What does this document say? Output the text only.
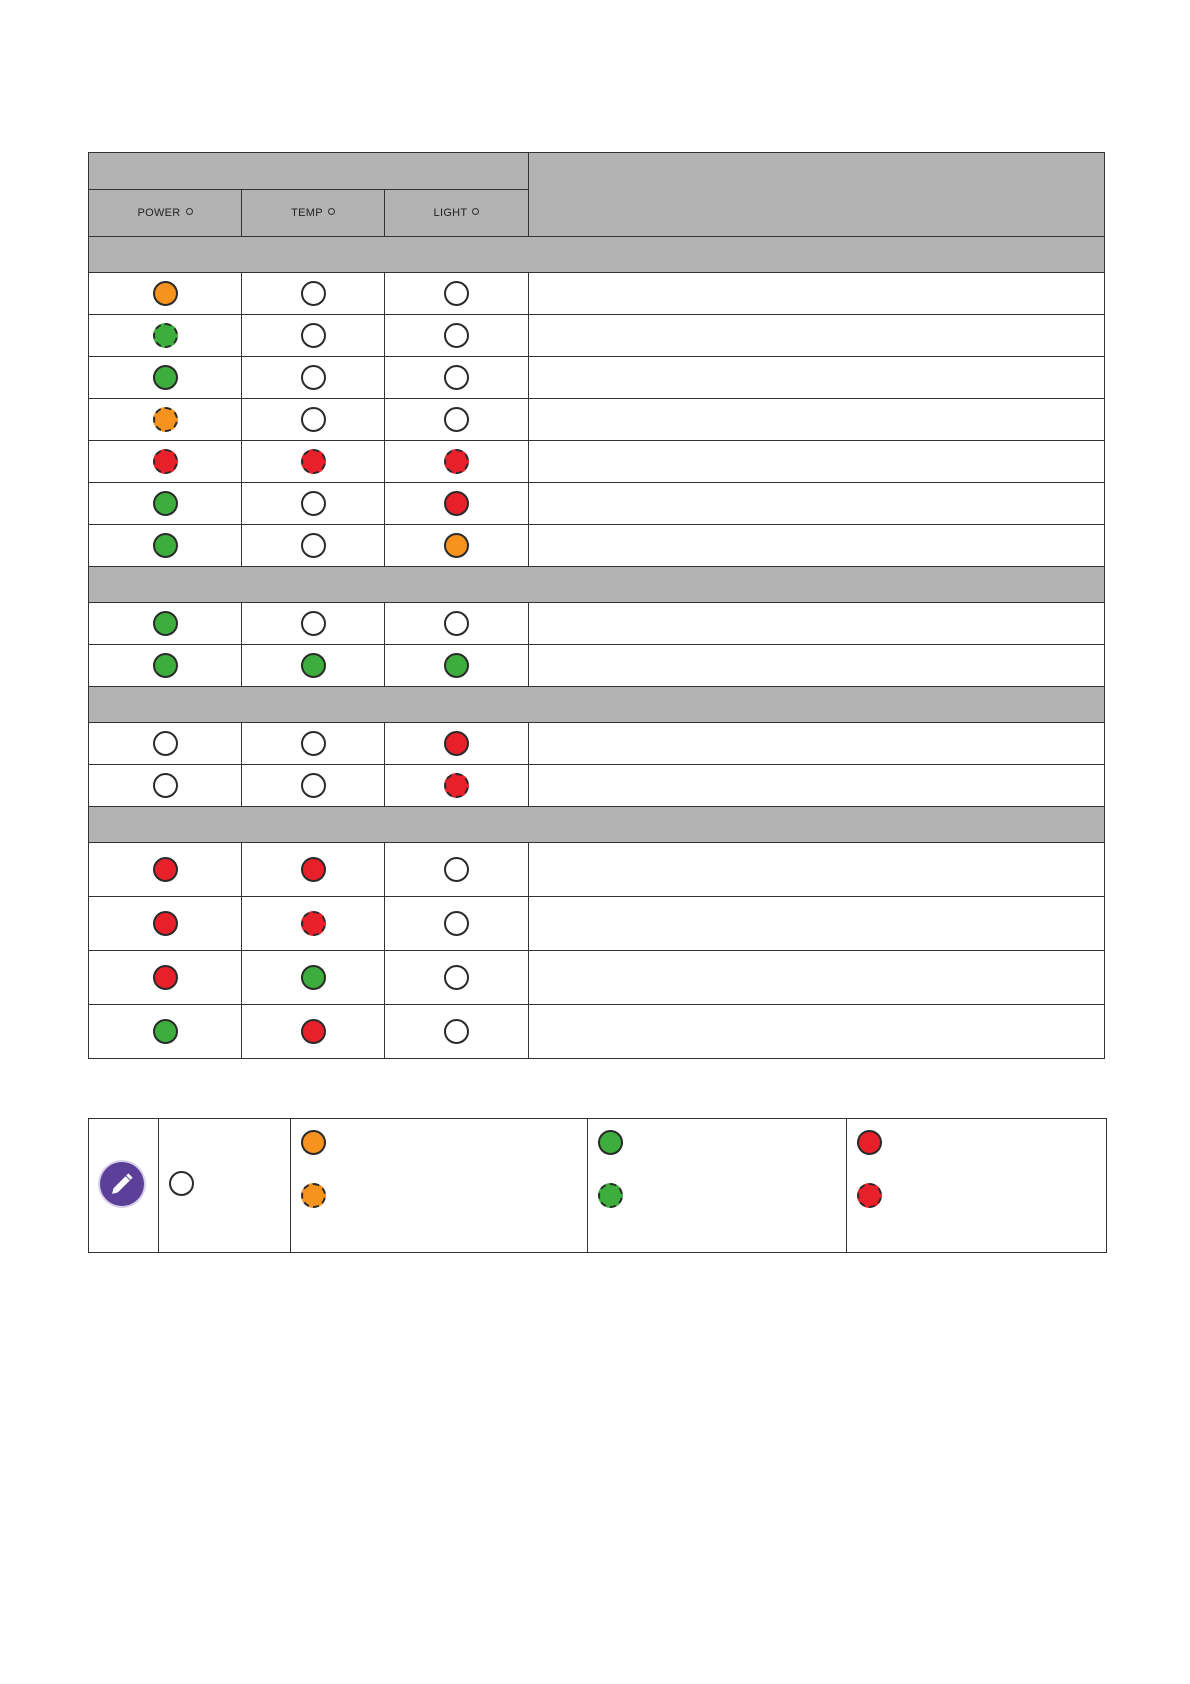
POWER	TEMP	LIGHT	
